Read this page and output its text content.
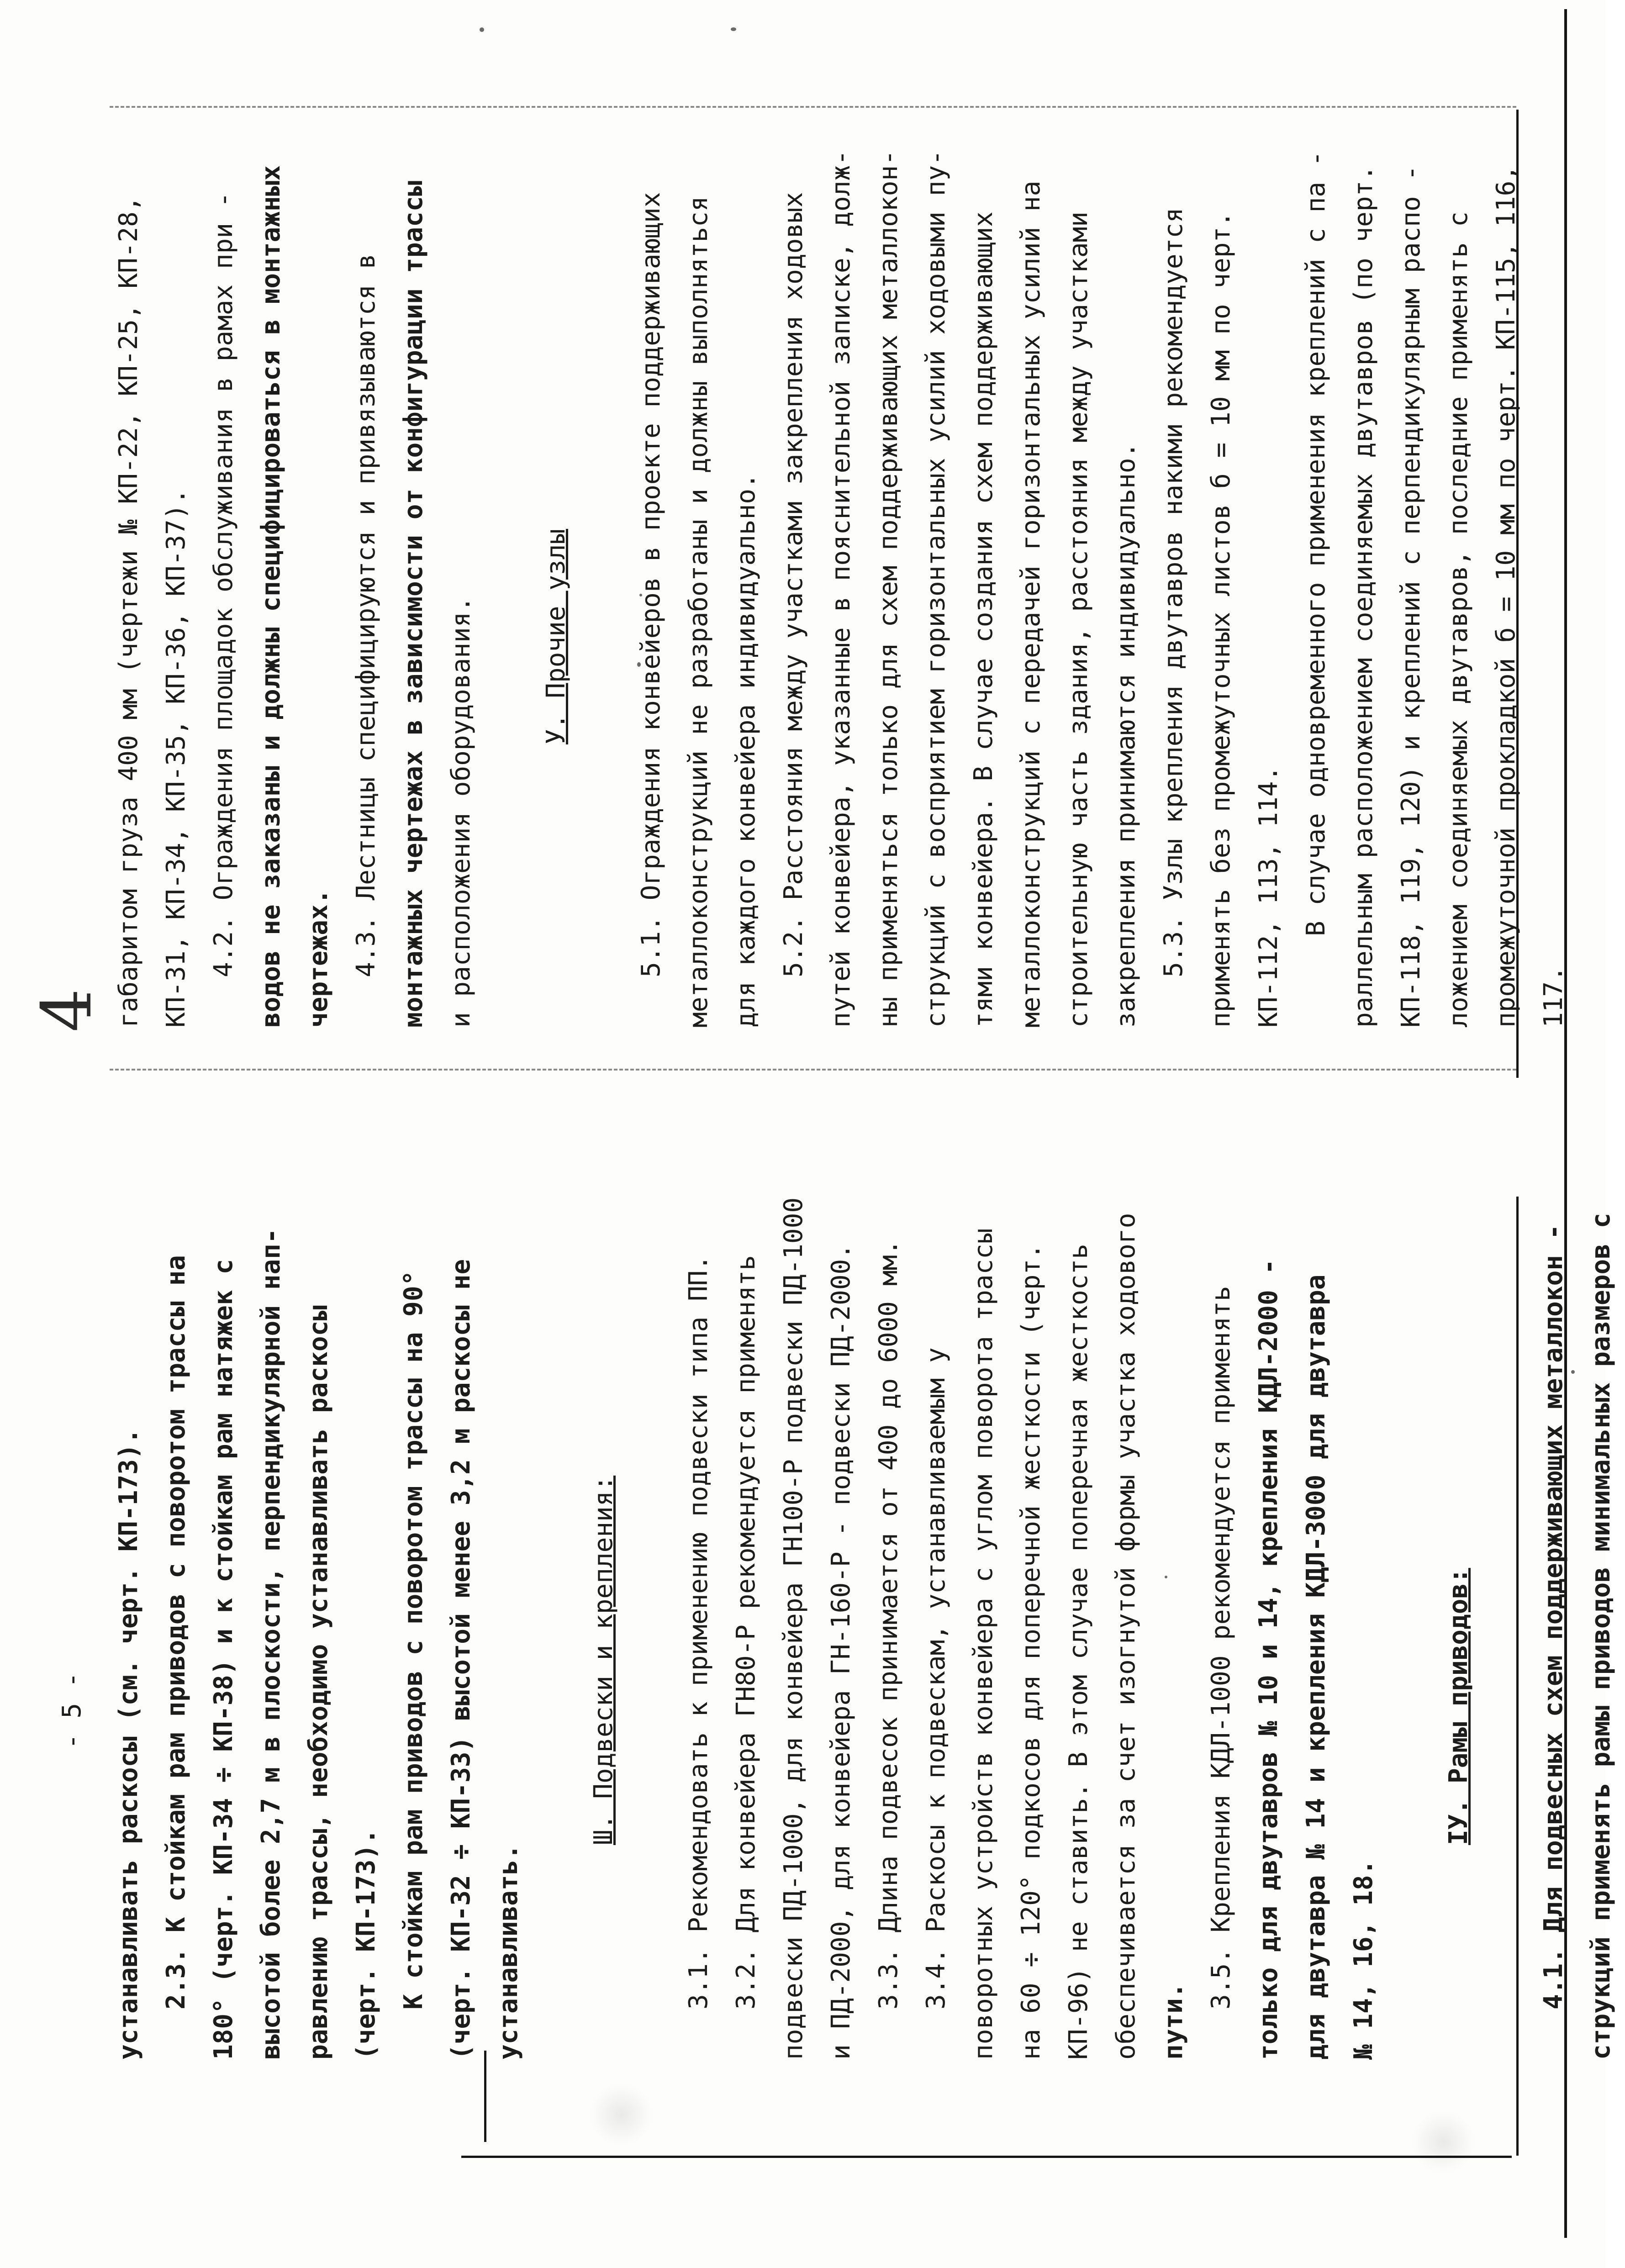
- 5 -	устанавливать раскосы (см. черт. КП-173). 2.3. К стойкам рам приводов с поворотом трассы на 180° (черт. КП-34 ÷ КП-38) и к стойкам рам натяжек с высотой более 2,7 м в плоскости, перпендикулярной нап- равлению трассы, необходимо устанавливать раскосы (черт. КП-173). К стойкам рам приводов с поворотом трассы на 90° (черт. КП-32 ÷ КП-33) высотой менее 3,2 м раскосы не устанавливать.
Ш. Подвески и крепления:	3.1. Рекомендовать к применению подвески типа ПП. 3.2. Для конвейера ГН80-Р рекомендуется применять подвески ПД-1000, для конвейера ГН100-Р подвески ПД-1000 и ПД-2000, для конвейера ГН-160-Р - подвески ПД-2000. 3.3. Длина подвесок принимается от 400 до 6000 мм. 3.4. Раскосы к подвескам, устанавливаемым у поворотных устройств конвейера с углом поворота трассы на 60 ÷ 120° подкосов для поперечной жесткости (черт. КП-96) не ставить. В этом случае поперечная жесткость обеспечивается за счет изогнутой формы участка ходового пути.
3.5. Крепления КДЛ-1000 рекомендуется применять только для двутавров № 10 и 14, крепления КДЛ-2000 - для двутавра № 14 и крепления КДЛ-3000 для двутавра № 14, 16, 18.
IУ. Рамы приводов:	4.1. Для подвесных схем поддерживающих металлокон - струкций применять рамы приводов минимальных размеров с
4 габаритом груза 400 мм (чертежи № КП-22, КП-25, КП-28, КП-31, КП-34, КП-35, КП-36, КП-37). 4.2. Ограждения площадок обслуживания в рамах при - водов не заказаны и должны специфицироваться в монтажных чертежах. 4.3. Лестницы специфицируются и привязываются в монтажных чертежах в зависимости от конфигурации трассы и расположения оборудования.	У. Прочие узлы	5.1. Ограждения конвейеров в проекте поддерживающих металлоконструкций не разработаны и должны выполняться для каждого конвейера индивидуально. 5.2. Расстояния между участками закрепления ходовых путей конвейера, указанные в пояснительной записке, долж- ны применяться только для схем поддерживающих металлокон- струкций с восприятием горизонтальных усилий ходовыми пу- тями конвейера. В случае создания схем поддерживающих металлоконструкций с передачей горизонтальных усилий на строительную часть здания, расстояния между участками закрепления принимаются индивидуально. 5.3. Узлы крепления двутавров накими рекомендуется применять без промежуточных листов б = 10 мм по черт. КП-112, 113, 114. В случае одновременного применения креплений с па - раллельным расположением соединяемых двутавров (по черт. КП-118, 119, 120) и креплений с перпендикулярным распо - ложением соединяемых двутавров, последние применять с промежуточной прокладкой б = 10 мм по черт. КП-115, 116, 117.
